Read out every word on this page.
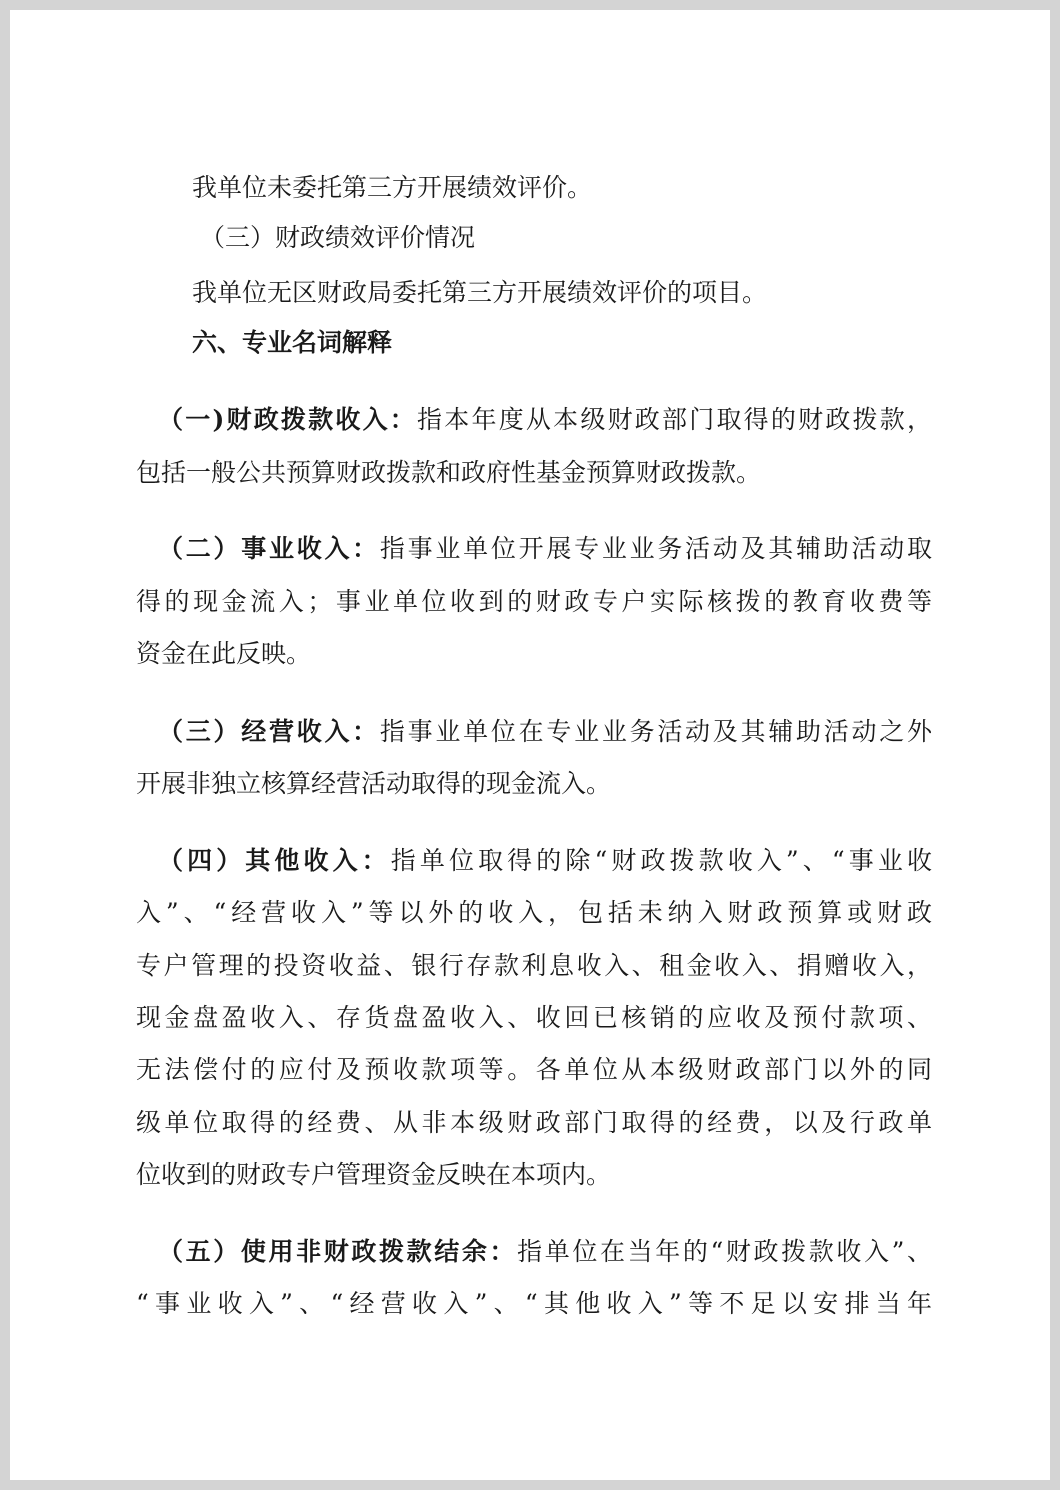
我单位未委托第三方开展绩效评价。
（三）财政绩效评价情况
我单位无区财政局委托第三方开展绩效评价的项目。
六、专业名词解释
（一)财政拨款收入：指本年度从本级财政部门取得的财政拨款，
包括一般公共预算财政拨款和政府性基金预算财政拨款。
（二）事业收入：指事业单位开展专业业务活动及其辅助活动取
得的现金流入；事业单位收到的财政专户实际核拨的教育收费等
资金在此反映。
（三）经营收入：指事业单位在专业业务活动及其辅助活动之外
开展非独立核算经营活动取得的现金流入。
（四）其他收入：指单位取得的除“财政拨款收入”、“事业收
入”、“经营收入”等以外的收入，包括未纳入财政预算或财政
专户管理的投资收益、银行存款利息收入、租金收入、捐赠收入，
现金盘盈收入、存货盘盈收入、收回已核销的应收及预付款项、
无法偿付的应付及预收款项等。各单位从本级财政部门以外的同
级单位取得的经费、从非本级财政部门取得的经费，以及行政单
位收到的财政专户管理资金反映在本项内。
（五）使用非财政拨款结余：指单位在当年的“财政拨款收入”、
“事业收入”、“经营收入”、“其他收入”等不足以安排当年
